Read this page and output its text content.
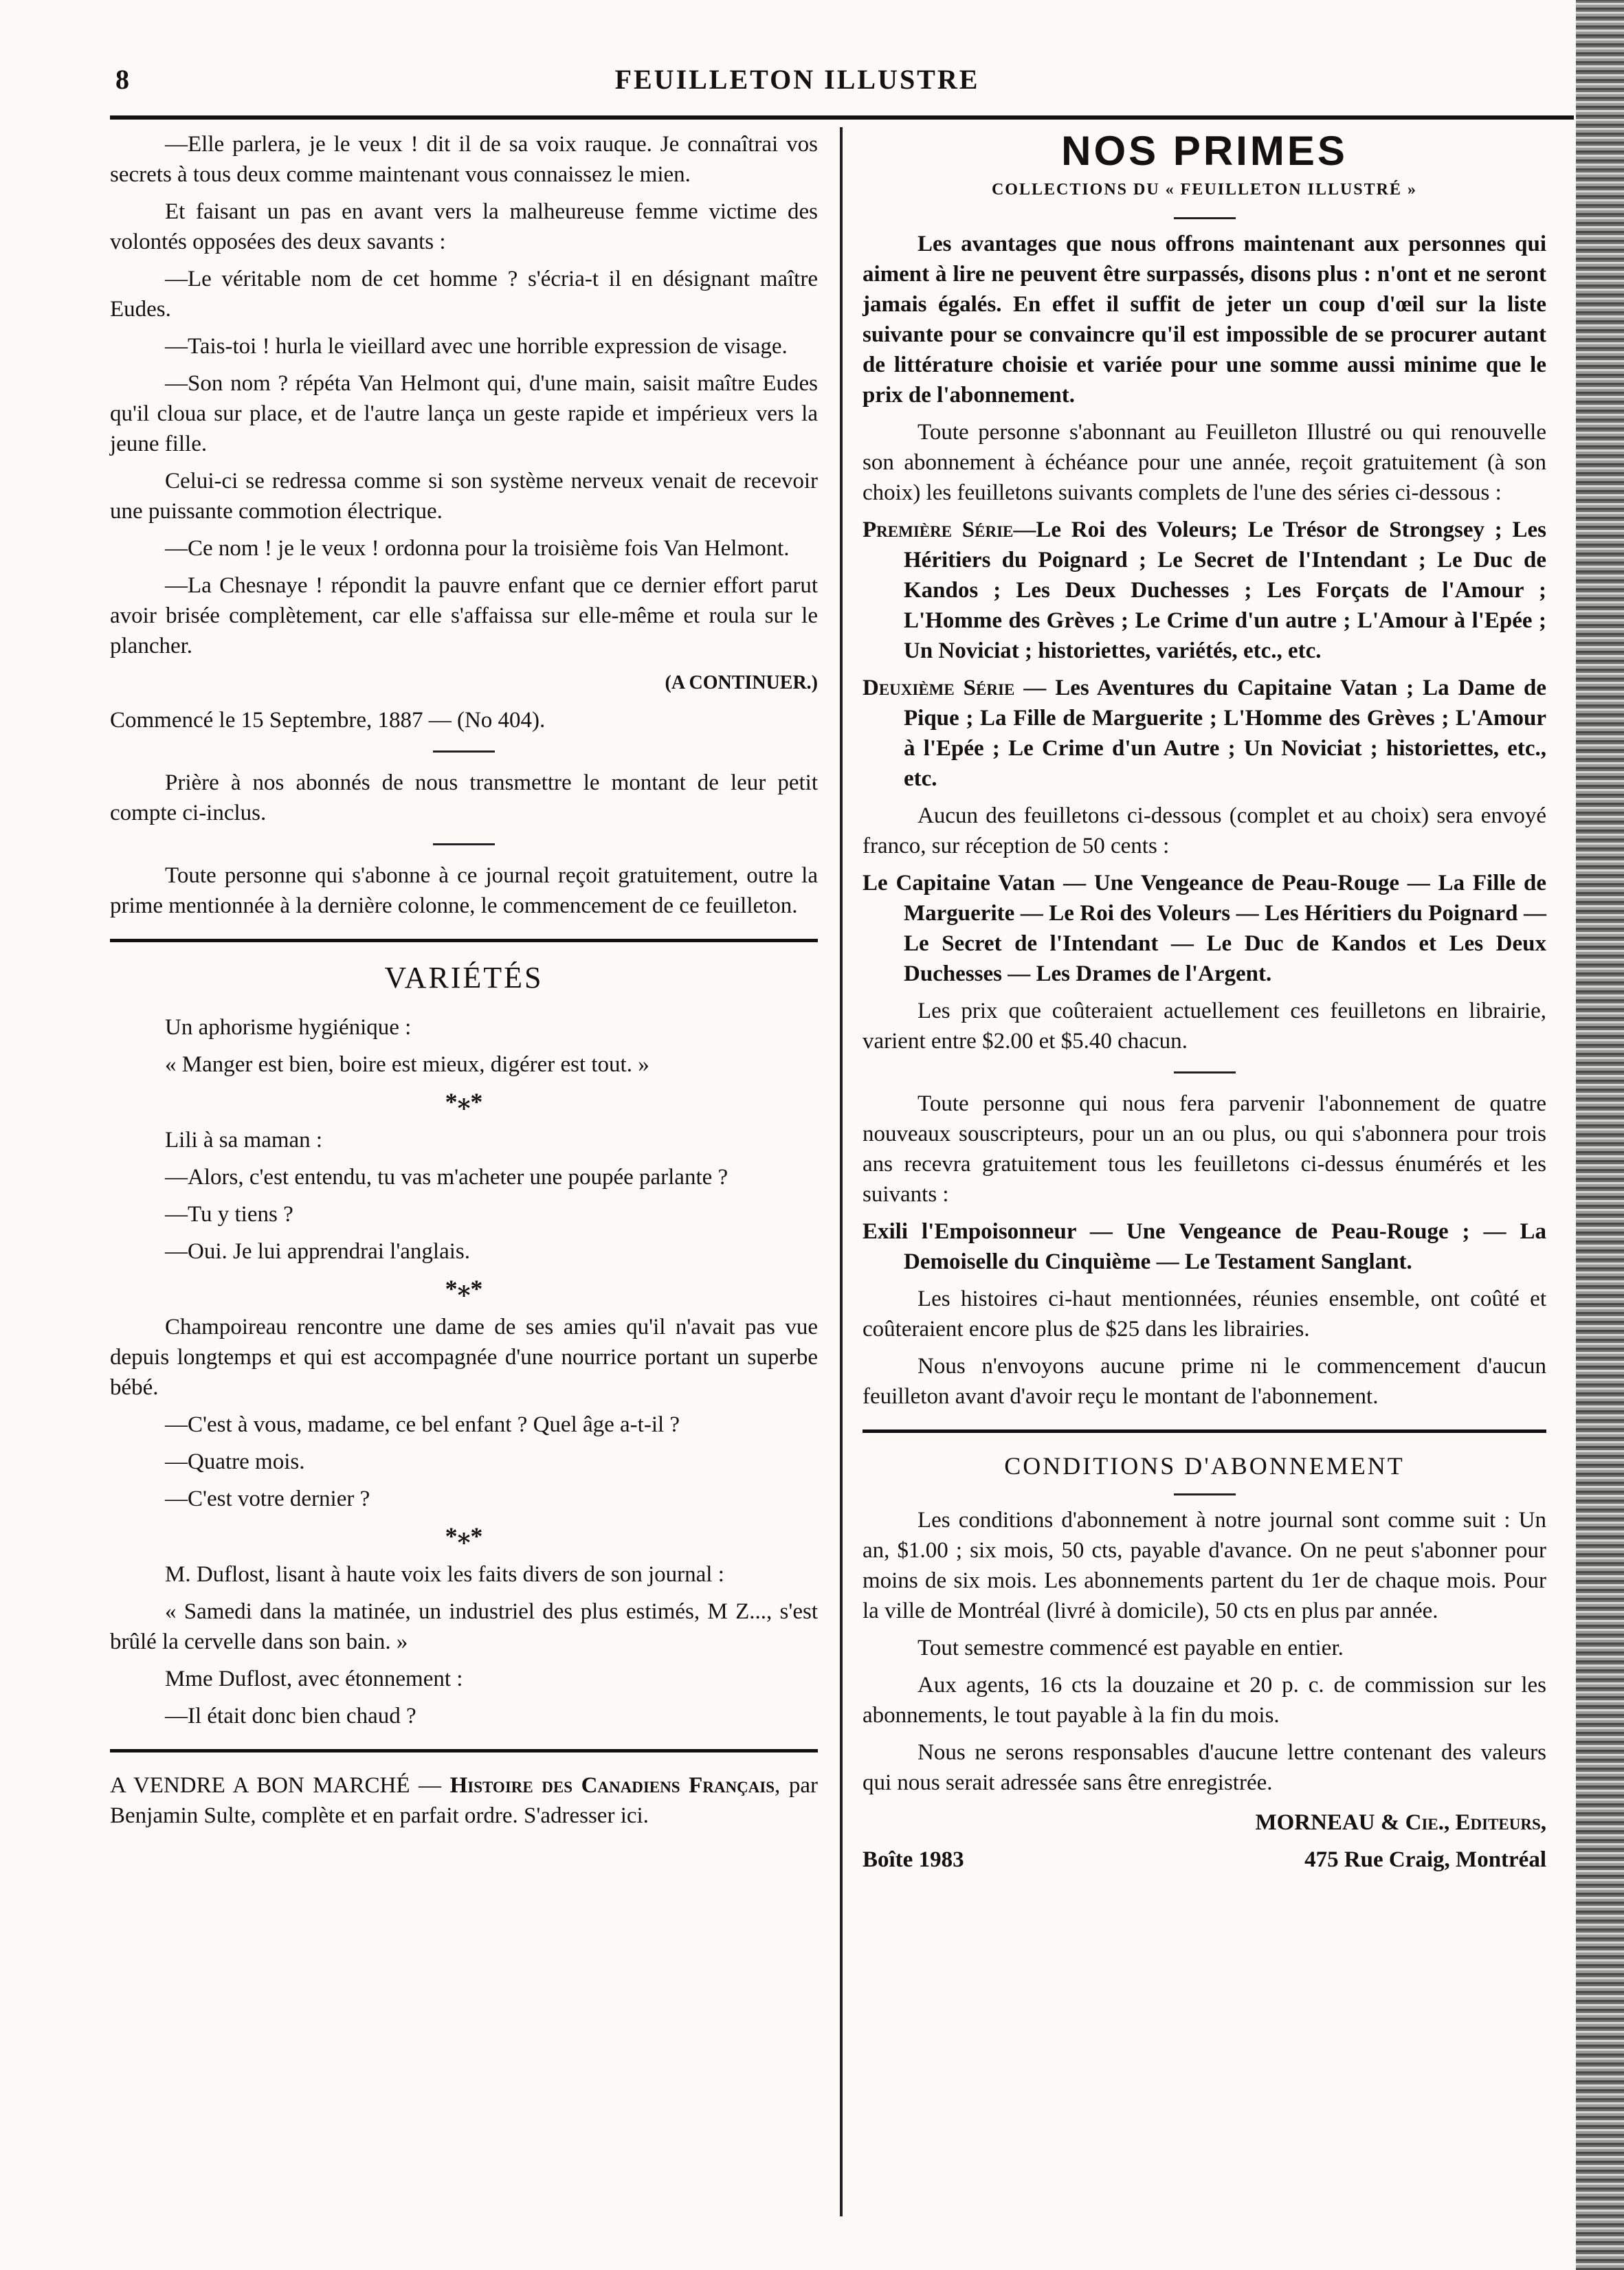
8	FEUILLETON ILLUSTRE

—Elle parlera, je le veux ! dit il de sa voix rauque. Je connaîtrai vos secrets à tous deux comme maintenant vous connaissez le mien.

Et faisant un pas en avant vers la malheureuse femme victime des volontés opposées des deux savants :

—Le véritable nom de cet homme ? s'écria-t il en désignant maître Eudes.

—Tais-toi ! hurla le vieillard avec une horrible expression de visage.

—Son nom ? répéta Van Helmont qui, d'une main, saisit maître Eudes qu'il cloua sur place, et de l'autre lança un geste rapide et impérieux vers la jeune fille.

Celui-ci se redressa comme si son système nerveux venait de recevoir une puissante commotion électrique.

—Ce nom ! je le veux ! ordonna pour la troisième fois Van Helmont.

—La Chesnaye ! répondit la pauvre enfant que ce dernier effort parut avoir brisée complètement, car elle s'affaissa sur elle-même et roula sur le plancher.

(A CONTINUER.)

Commencé le 15 Septembre, 1887 — (No 404).

Prière à nos abonnés de nous transmettre le montant de leur petit compte ci-inclus.

Toute personne qui s'abonne à ce journal reçoit gratuitement, outre la prime mentionnée à la dernière colonne, le commencement de ce feuilleton.

VARIÉTÉS

Un aphorisme hygiénique :

« Manger est bien, boire est mieux, digérer est tout. »

*⁎*

Lili à sa maman :

—Alors, c'est entendu, tu vas m'acheter une poupée parlante ?

—Tu y tiens ?

—Oui. Je lui apprendrai l'anglais.

*⁎*

Champoireau rencontre une dame de ses amies qu'il n'avait pas vue depuis longtemps et qui est accompagnée d'une nourrice portant un superbe bébé.

—C'est à vous, madame, ce bel enfant ? Quel âge a-t-il ?

—Quatre mois.

—C'est votre dernier ?

*⁎*

M. Duflost, lisant à haute voix les faits divers de son journal :

« Samedi dans la matinée, un industriel des plus estimés, M Z..., s'est brûlé la cervelle dans son bain. »

Mme Duflost, avec étonnement :

—Il était donc bien chaud ?

A VENDRE A BON MARCHÉ — Histoire des Canadiens Français, par Benjamin Sulte, complète et en parfait ordre. S'adresser ici.

NOS PRIMES
COLLECTIONS DU « FEUILLETON ILLUSTRÉ »

Les avantages que nous offrons maintenant aux personnes qui aiment à lire ne peuvent être surpassés, disons plus : n'ont et ne seront jamais égalés. En effet il suffit de jeter un coup d'œil sur la liste suivante pour se convaincre qu'il est impossible de se procurer autant de littérature choisie et variée pour une somme aussi minime que le prix de l'abonnement.

Toute personne s'abonnant au Feuilleton Illustré ou qui renouvelle son abonnement à échéance pour une année, reçoit gratuitement (à son choix) les feuilletons suivants complets de l'une des séries ci-dessous :

Première Série—Le Roi des Voleurs; Le Trésor de Strongsey ; Les Héritiers du Poignard ; Le Secret de l'Intendant ; Le Duc de Kandos ; Les Deux Duchesses ; Les Forçats de l'Amour ; L'Homme des Grèves ; Le Crime d'un autre ; L'Amour à l'Epée ; Un Noviciat ; historiettes, variétés, etc., etc.

Deuxième Série — Les Aventures du Capitaine Vatan ; La Dame de Pique ; La Fille de Marguerite ; L'Homme des Grèves ; L'Amour à l'Epée ; Le Crime d'un Autre ; Un Noviciat ; historiettes, etc., etc.

Aucun des feuilletons ci-dessous (complet et au choix) sera envoyé franco, sur réception de 50 cents :

Le Capitaine Vatan — Une Vengeance de Peau-Rouge — La Fille de Marguerite — Le Roi des Voleurs — Les Héritiers du Poignard — Le Secret de l'Intendant — Le Duc de Kandos et Les Deux Duchesses — Les Drames de l'Argent.

Les prix que coûteraient actuellement ces feuilletons en librairie, varient entre $2.00 et $5.40 chacun.

Toute personne qui nous fera parvenir l'abonnement de quatre nouveaux souscripteurs, pour un an ou plus, ou qui s'abonnera pour trois ans recevra gratuitement tous les feuilletons ci-dessus énumérés et les suivants :

Exili l'Empoisonneur — Une Vengeance de Peau-Rouge ; — La Demoiselle du Cinquième — Le Testament Sanglant.

Les histoires ci-haut mentionnées, réunies ensemble, ont coûté et coûteraient encore plus de $25 dans les librairies.

Nous n'envoyons aucune prime ni le commencement d'aucun feuilleton avant d'avoir reçu le montant de l'abonnement.

CONDITIONS D'ABONNEMENT

Les conditions d'abonnement à notre journal sont comme suit : Un an, $1.00 ; six mois, 50 cts, payable d'avance. On ne peut s'abonner pour moins de six mois. Les abonnements partent du 1er de chaque mois. Pour la ville de Montréal (livré à domicile), 50 cts en plus par année.

Tout semestre commencé est payable en entier.

Aux agents, 16 cts la douzaine et 20 p. c. de commission sur les abonnements, le tout payable à la fin du mois.

Nous ne serons responsables d'aucune lettre contenant des valeurs qui nous serait adressée sans être enregistrée.

MORNEAU & Cie., Editeurs,

Boîte 1983	475 Rue Craig, Montréal
